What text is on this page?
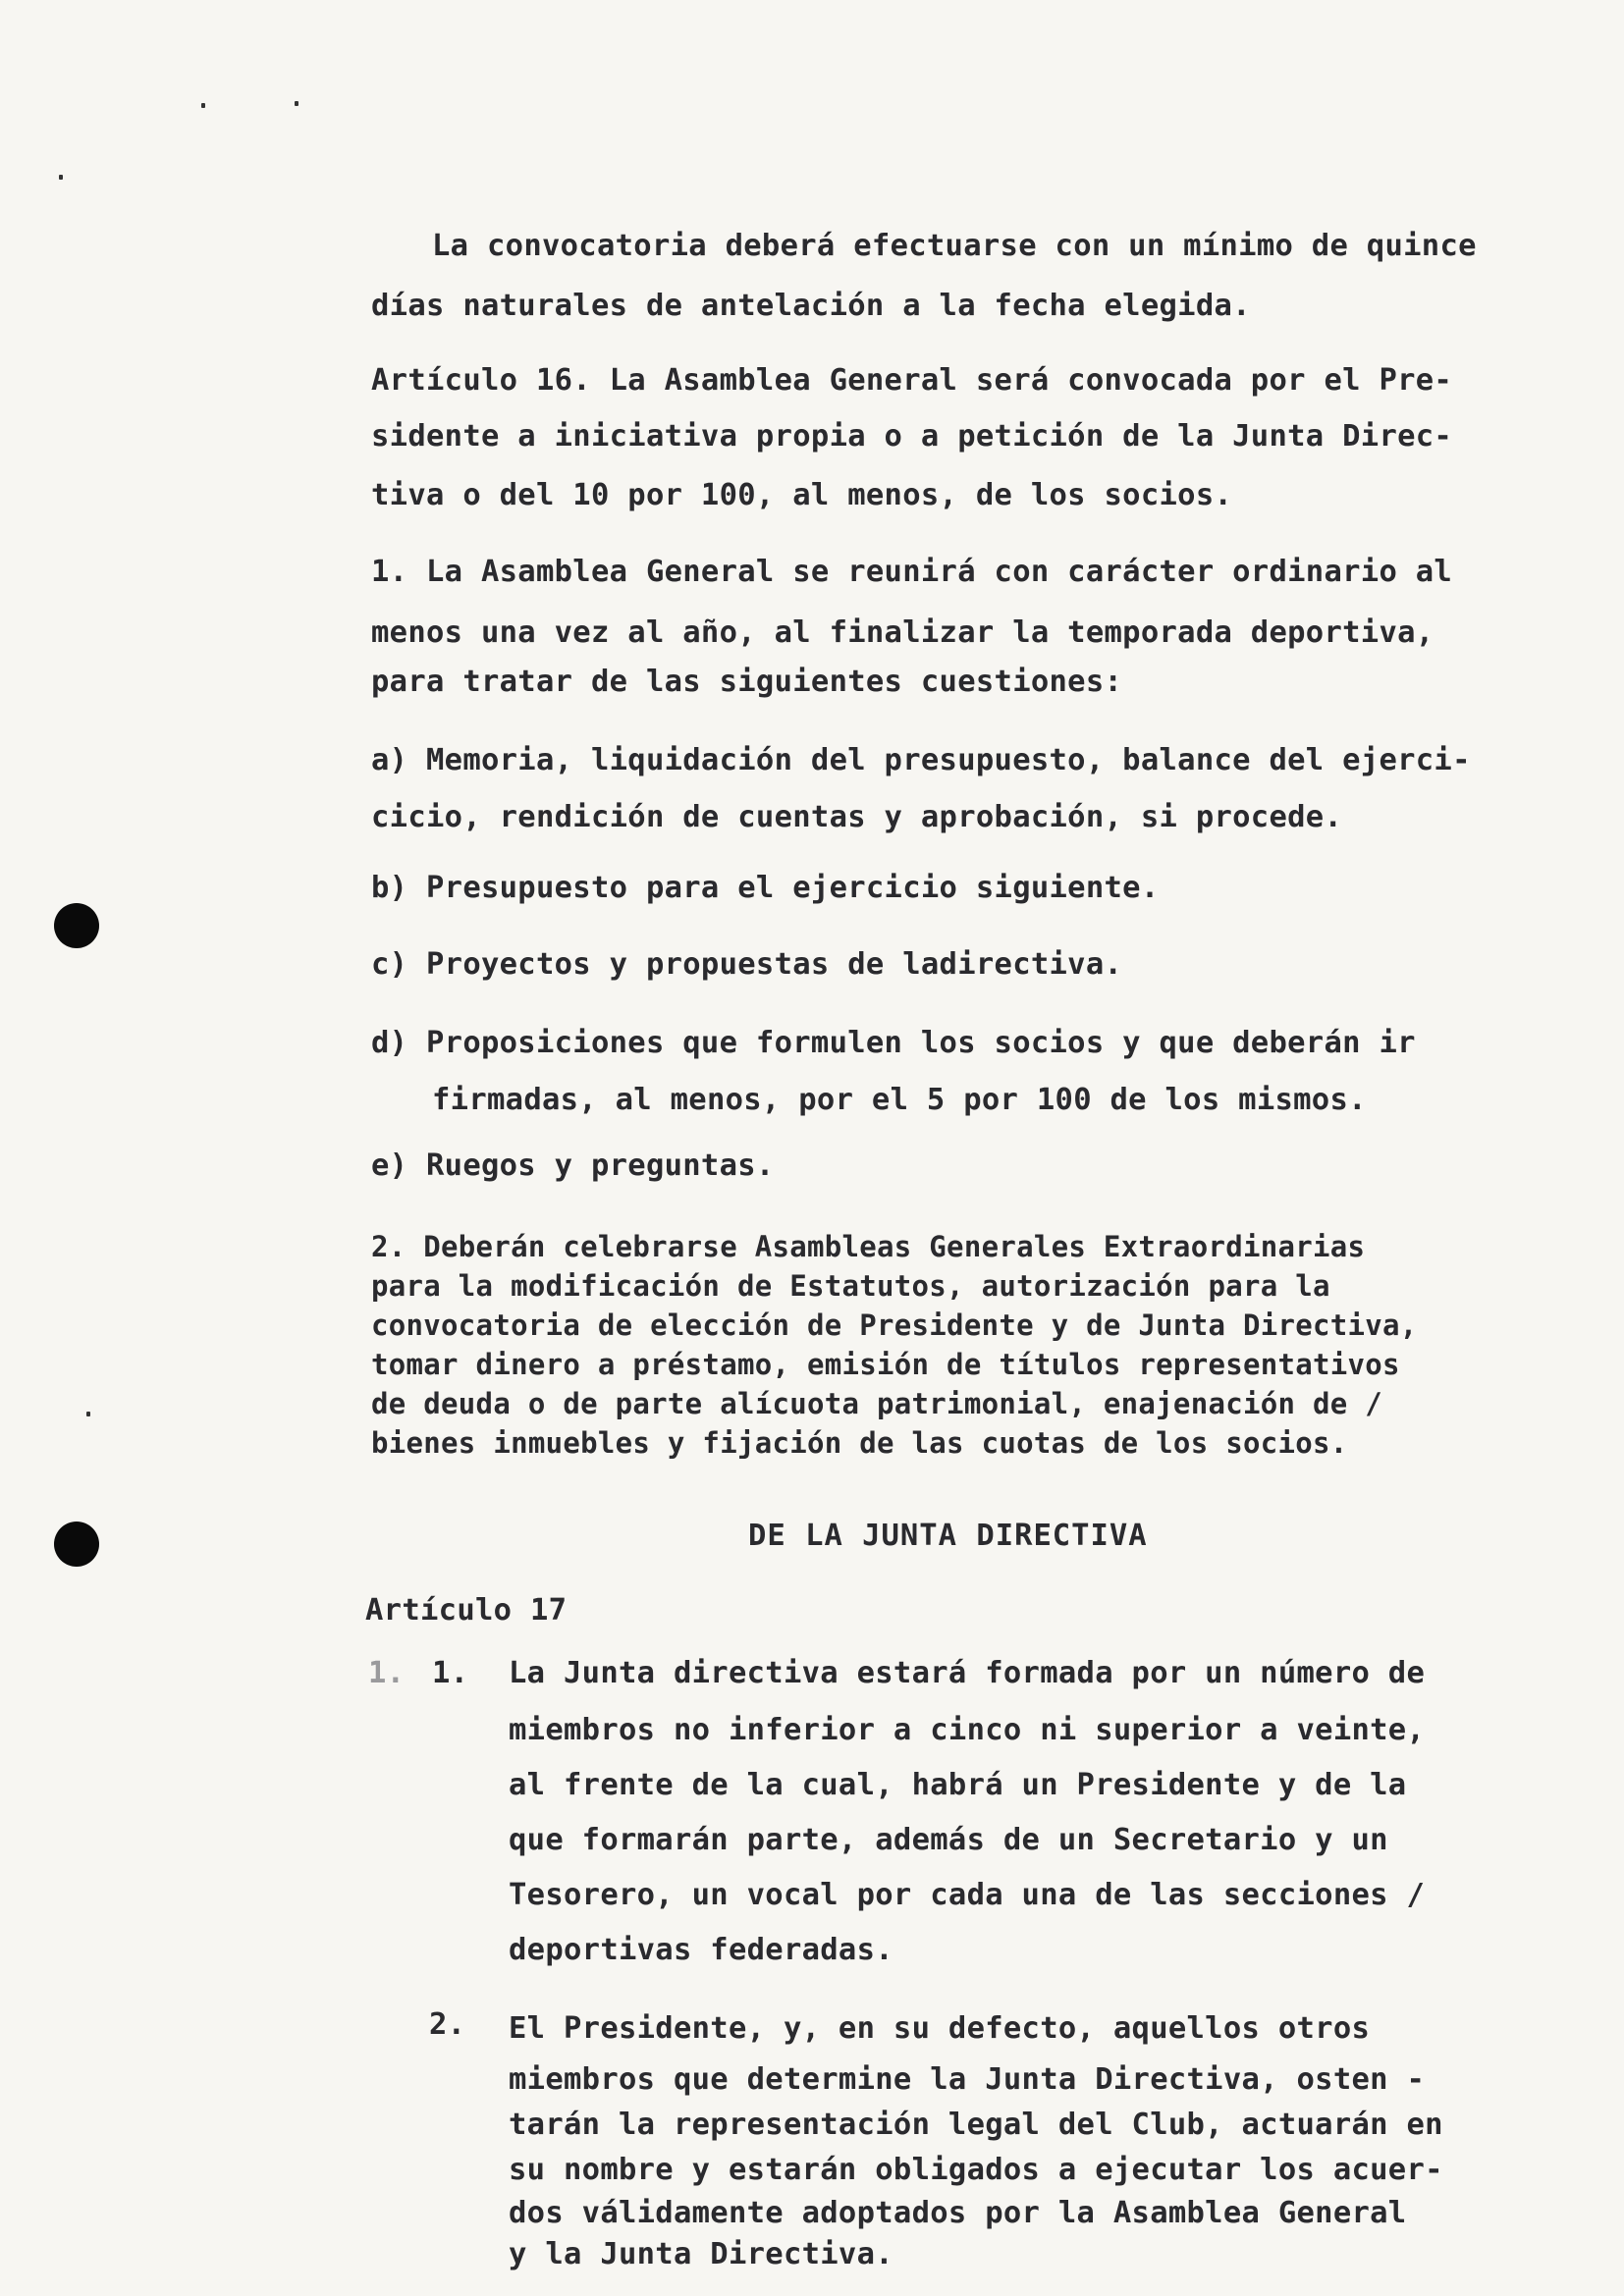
La convocatoria deberá efectuarse con un mínimo de quince

días naturales de antelación a la fecha elegida.

Artículo 16. La Asamblea General será convocada por el Pre-

sidente a iniciativa propia o a petición de la Junta Direc-

tiva o del 10 por 100, al menos, de los socios.

1. La Asamblea General se reunirá con carácter ordinario al

menos una vez al año, al finalizar la temporada deportiva,

para tratar de las siguientes cuestiones:

a) Memoria, liquidación del presupuesto, balance del ejerci-

cicio, rendición de cuentas y aprobación, si procede.

b) Presupuesto para el ejercicio siguiente.

c) Proyectos y propuestas de ladirectiva.

d) Proposiciones que formulen los socios y que deberán ir

firmadas, al menos, por el 5 por 100 de los mismos.

e) Ruegos y preguntas.

2. Deberán celebrarse Asambleas Generales Extraordinarias

para la modificación de Estatutos, autorización para la

convocatoria de elección de Presidente y de Junta Directiva,

tomar dinero a préstamo, emisión de títulos representativos

de deuda o de parte alícuota patrimonial, enajenación de /

bienes inmuebles y fijación de las cuotas de los socios.

DE LA JUNTA DIRECTIVA

Artículo 17

1. 1. La Junta directiva estará formada por un número de

miembros no inferior a cinco ni superior a veinte,

al frente de la cual, habrá un Presidente y de la

que formarán parte, además de un Secretario y un

Tesorero, un vocal por cada una de las secciones /

deportivas federadas.

2. El Presidente, y, en su defecto, aquellos otros

miembros que determine la Junta Directiva, osten -

tarán la representación legal del Club, actuarán en

su nombre y estarán obligados a ejecutar los acuer-

dos válidamente adoptados por la Asamblea General

y la Junta Directiva.
